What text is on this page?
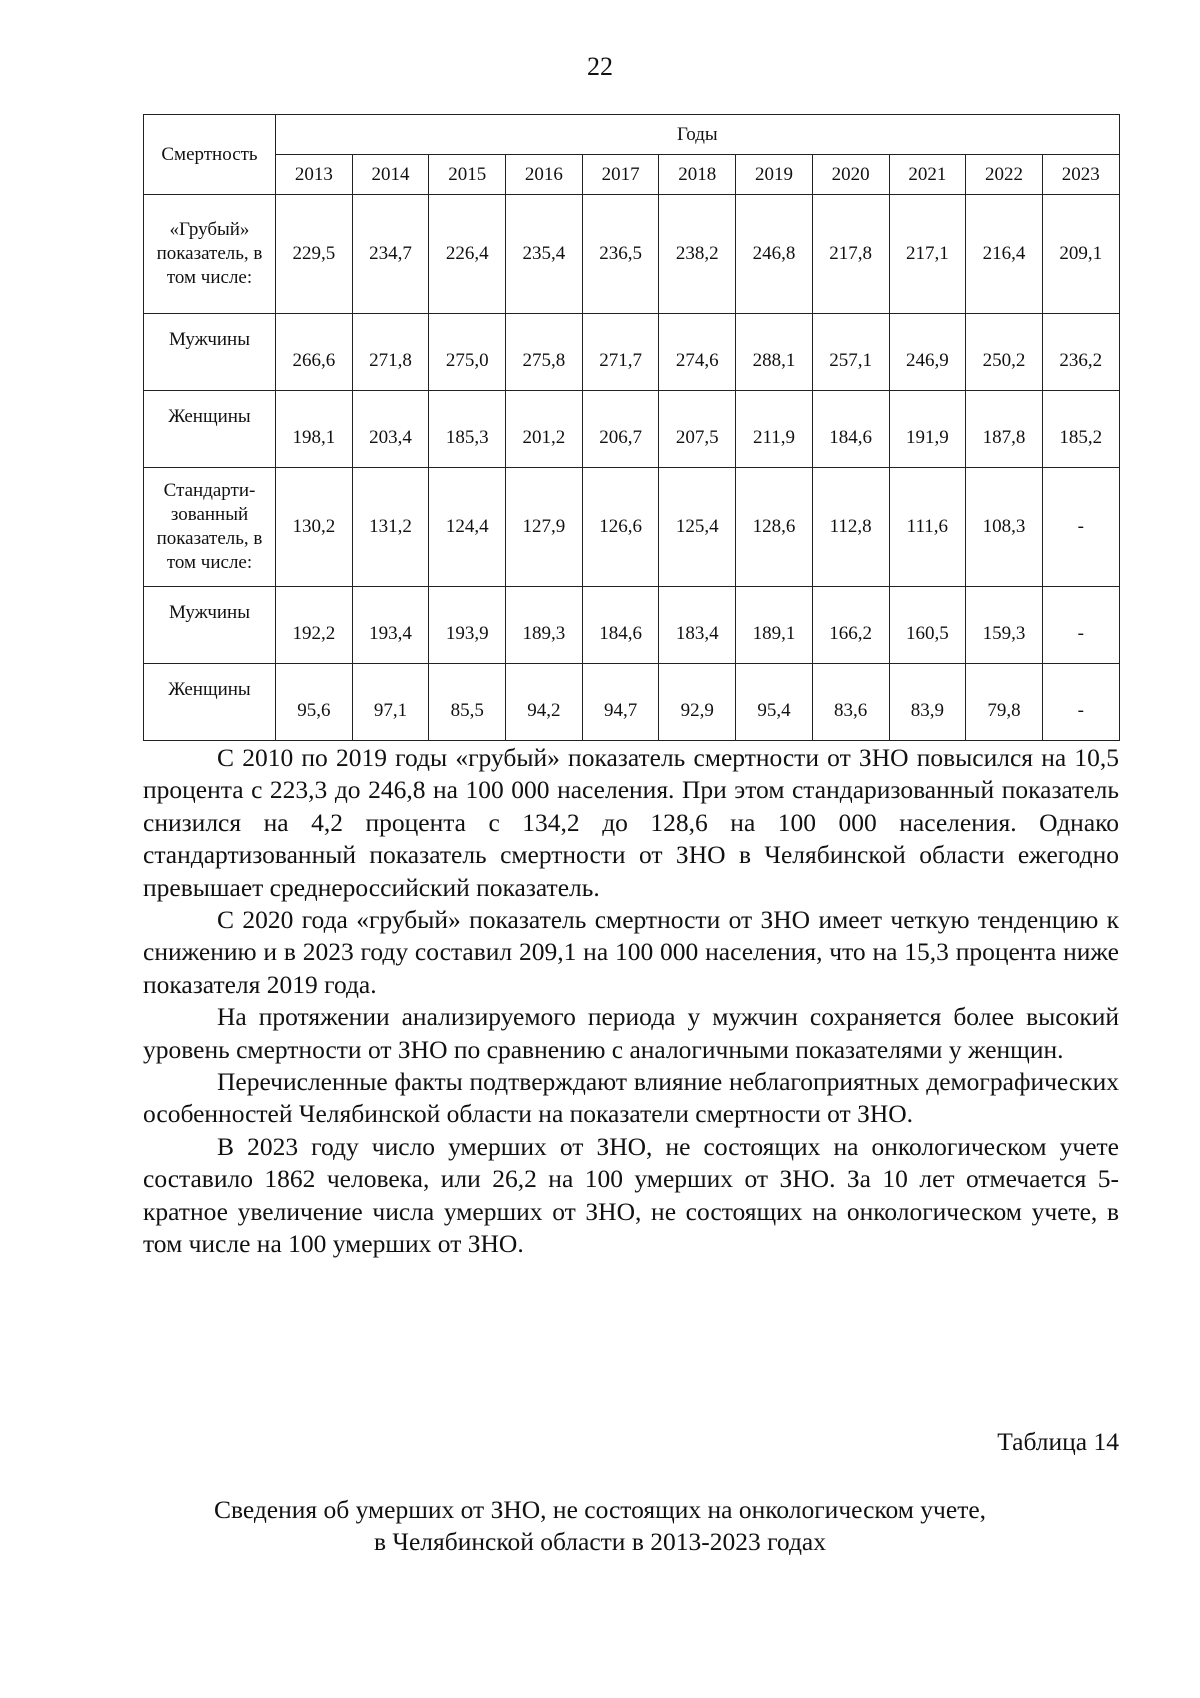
22
Смертность	Годы										
	2013	2014	2015	2016	2017	2018	2019	2020	2021	2022	2023
«Грубый» показатель, в том числе:	229,5	234,7	226,4	235,4	236,5	238,2	246,8	217,8	217,1	216,4	209,1
Мужчины	266,6	271,8	275,0	275,8	271,7	274,6	288,1	257,1	246,9	250,2	236,2
Женщины	198,1	203,4	185,3	201,2	206,7	207,5	211,9	184,6	191,9	187,8	185,2
Стандарти-зованный показатель, в том числе:	130,2	131,2	124,4	127,9	126,6	125,4	128,6	112,8	111,6	108,3	-
Мужчины	192,2	193,4	193,9	189,3	184,6	183,4	189,1	166,2	160,5	159,3	-
Женщины	95,6	97,1	85,5	94,2	94,7	92,9	95,4	83,6	83,9	79,8	-

С 2010 по 2019 годы «грубый» показатель смертности от ЗНО повысился на 10,5 процента с 223,3 до 246,8 на 100 000 населения. При этом стандаризованный показатель снизился на 4,2 процента с 134,2 до 128,6 на 100 000 населения. Однако стандартизованный показатель смертности от ЗНО в Челябинской области ежегодно превышает среднероссийский показатель.

С 2020 года «грубый» показатель смертности от ЗНО имеет четкую тенденцию к снижению и в 2023 году составил 209,1 на 100 000 населения, что на 15,3 процента ниже показателя 2019 года.

На протяжении анализируемого периода у мужчин сохраняется более высокий уровень смертности от ЗНО по сравнению с аналогичными показателями у женщин.

Перечисленные факты подтверждают влияние неблагоприятных демографических особенностей Челябинской области на показатели смертности от ЗНО.

В 2023 году число умерших от ЗНО, не состоящих на онкологическом учете составило 1862 человека, или 26,2 на 100 умерших от ЗНО. За 10 лет отмечается 5-кратное увеличение числа умерших от ЗНО, не состоящих на онкологическом учете, в том числе на 100 умерших от ЗНО.

Таблица 14
Сведения об умерших от ЗНО, не состоящих на онкологическом учете,
в Челябинской области в 2013-2023 годах
